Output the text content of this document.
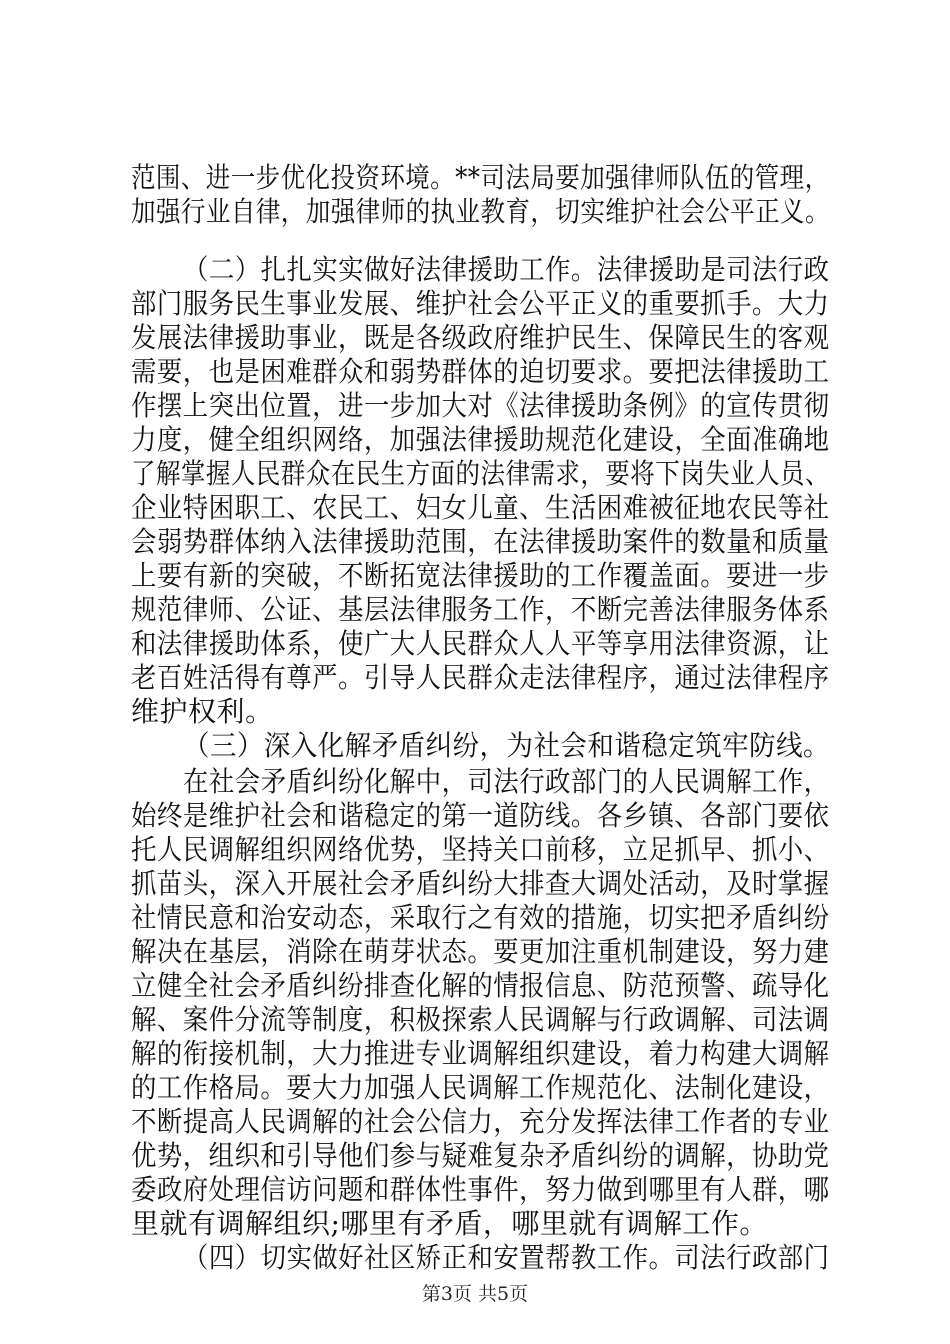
范围、进一步优化投资环境。**司法局要加强律师队伍的管理，
加强行业自律，加强律师的执业教育，切实维护社会公平正义。
（二）扎扎实实做好法律援助工作。法律援助是司法行政
部门服务民生事业发展、维护社会公平正义的重要抓手。大力
发展法律援助事业，既是各级政府维护民生、保障民生的客观
需要，也是困难群众和弱势群体的迫切要求。要把法律援助工
作摆上突出位置，进一步加大对《法律援助条例》的宣传贯彻
力度，健全组织网络，加强法律援助规范化建设，全面准确地
了解掌握人民群众在民生方面的法律需求，要将下岗失业人员、
企业特困职工、农民工、妇女儿童、生活困难被征地农民等社
会弱势群体纳入法律援助范围，在法律援助案件的数量和质量
上要有新的突破，不断拓宽法律援助的工作覆盖面。要进一步
规范律师、公证、基层法律服务工作，不断完善法律服务体系
和法律援助体系，使广大人民群众人人平等享用法律资源，让
老百姓活得有尊严。引导人民群众走法律程序，通过法律程序
维护权利。
（三）深入化解矛盾纠纷，为社会和谐稳定筑牢防线。
在社会矛盾纠纷化解中，司法行政部门的人民调解工作，
始终是维护社会和谐稳定的第一道防线。各乡镇、各部门要依
托人民调解组织网络优势，坚持关口前移，立足抓早、抓小、
抓苗头，深入开展社会矛盾纠纷大排查大调处活动，及时掌握
社情民意和治安动态，采取行之有效的措施，切实把矛盾纠纷
解决在基层，消除在萌芽状态。要更加注重机制建设，努力建
立健全社会矛盾纠纷排查化解的情报信息、防范预警、疏导化
解、案件分流等制度，积极探索人民调解与行政调解、司法调
解的衔接机制，大力推进专业调解组织建设，着力构建大调解
的工作格局。要大力加强人民调解工作规范化、法制化建设，
不断提高人民调解的社会公信力，充分发挥法律工作者的专业
优势，组织和引导他们参与疑难复杂矛盾纠纷的调解，协助党
委政府处理信访问题和群体性事件，努力做到哪里有人群，哪
里就有调解组织;哪里有矛盾，哪里就有调解工作。
（四）切实做好社区矫正和安置帮教工作。司法行政部门
第3页 共5页
